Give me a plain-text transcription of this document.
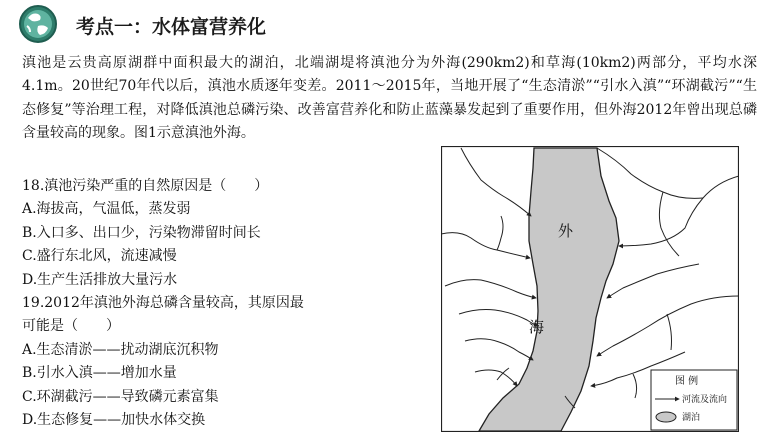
考点一：水体富营养化

滇池是云贵高原湖群中面积最大的湖泊，北端湖堤将滇池分为外海(290km2)和草海(10km2)两部分，平均水深4.1m。20世纪70年代以后，滇池水质逐年变差。2011～2015年，当地开展了“生态清淤”“引水入滇”“环湖截污”“生态修复”等治理工程，对降低滇池总磷污染、改善富营养化和防止蓝藻暴发起到了重要作用，但外海2012年曾出现总磷含量较高的现象。图1示意滇池外海。

18.滇池污染严重的自然原因是（　　）
A.海拔高，气温低，蒸发弱
B.入口多、出口少，污染物滞留时间长
C.盛行东北风，流速减慢
D.生产生活排放大量污水
19.2012年滇池外海总磷含量较高，其原因最
可能是（　　）
A.生态清淤——扰动湖底沉积物
B.引水入滇——增加水量
C.环湖截污——导致磷元素富集
D.生态修复——加快水体交换
外
海
图 例
河流及流向
湖泊
